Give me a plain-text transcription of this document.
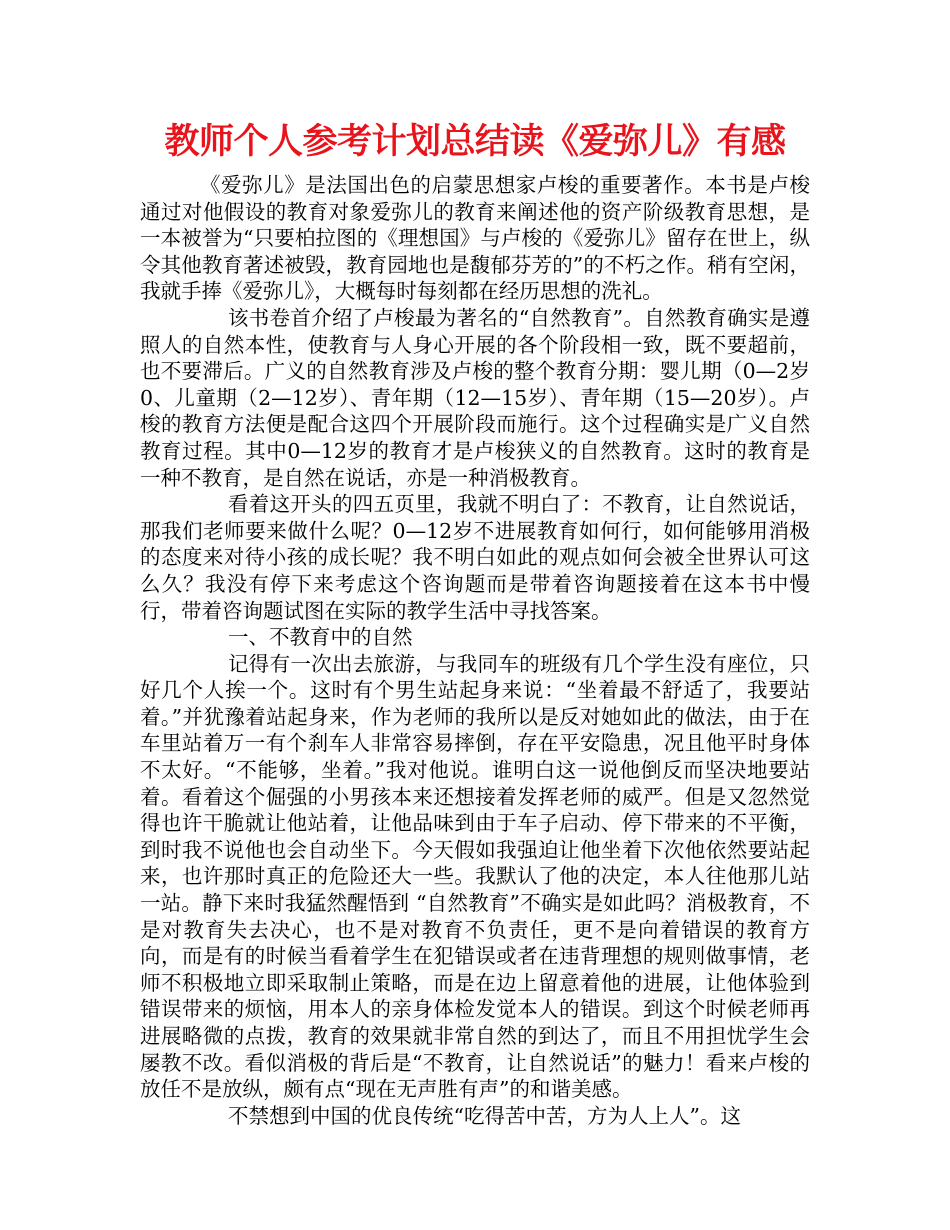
教师个人参考计划总结读《爱弥儿》有感

《爱弥儿》是法国出色的启蒙思想家卢梭的重要著作。本书是卢梭通过对他假设的教育对象爱弥儿的教育来阐述他的资产阶级教育思想，是一本被誉为“只要柏拉图的《理想国》与卢梭的《爱弥儿》留存在世上，纵令其他教育著述被毁，教育园地也是馥郁芬芳的”的不朽之作。稍有空闲，我就手捧《爱弥儿》，大概每时每刻都在经历思想的洗礼。

该书卷首介绍了卢梭最为著名的“自然教育”。自然教育确实是遵照人的自然本性，使教育与人身心开展的各个阶段相一致，既不要超前，也不要滞后。广义的自然教育涉及卢梭的整个教育分期：婴儿期（0—2岁0、儿童期（2—12岁）、青年期（12—15岁）、青年期（15—20岁）。卢梭的教育方法便是配合这四个开展阶段而施行。这个过程确实是广义自然教育过程。其中0—12岁的教育才是卢梭狭义的自然教育。这时的教育是一种不教育，是自然在说话，亦是一种消极教育。

看着这开头的四五页里，我就不明白了：不教育，让自然说话，那我们老师要来做什么呢？0—12岁不进展教育如何行，如何能够用消极的态度来对待小孩的成长呢？我不明白如此的观点如何会被全世界认可这么久？我没有停下来考虑这个咨询题而是带着咨询题接着在这本书中慢行，带着咨询题试图在实际的教学生活中寻找答案。

一、不教育中的自然

记得有一次出去旅游，与我同车的班级有几个学生没有座位，只好几个人挨一个。这时有个男生站起身来说：“坐着最不舒适了，我要站着。”并犹豫着站起身来，作为老师的我所以是反对她如此的做法，由于在车里站着万一有个刹车人非常容易摔倒，存在平安隐患，况且他平时身体不太好。“不能够，坐着。”我对他说。谁明白这一说他倒反而坚决地要站着。看着这个倔强的小男孩本来还想接着发挥老师的威严。但是又忽然觉得也许干脆就让他站着，让他品味到由于车子启动、停下带来的不平衡，到时我不说他也会自动坐下。今天假如我强迫让他坐着下次他依然要站起来，也许那时真正的危险还大一些。我默认了他的决定，本人往他那儿站一站。静下来时我猛然醒悟到 “自然教育”不确实是如此吗？消极教育，不是对教育失去决心，也不是对教育不负责任，更不是向着错误的教育方向，而是有的时候当看着学生在犯错误或者在违背理想的规则做事情，老师不积极地立即采取制止策略，而是在边上留意着他的进展，让他体验到错误带来的烦恼，用本人的亲身体检发觉本人的错误。到这个时候老师再进展略微的点拨，教育的效果就非常自然的到达了，而且不用担忧学生会屡教不改。看似消极的背后是“不教育，让自然说话”的魅力！看来卢梭的放任不是放纵，颇有点“现在无声胜有声”的和谐美感。

不禁想到中国的优良传统“吃得苦中苦，方为人上人”。这
